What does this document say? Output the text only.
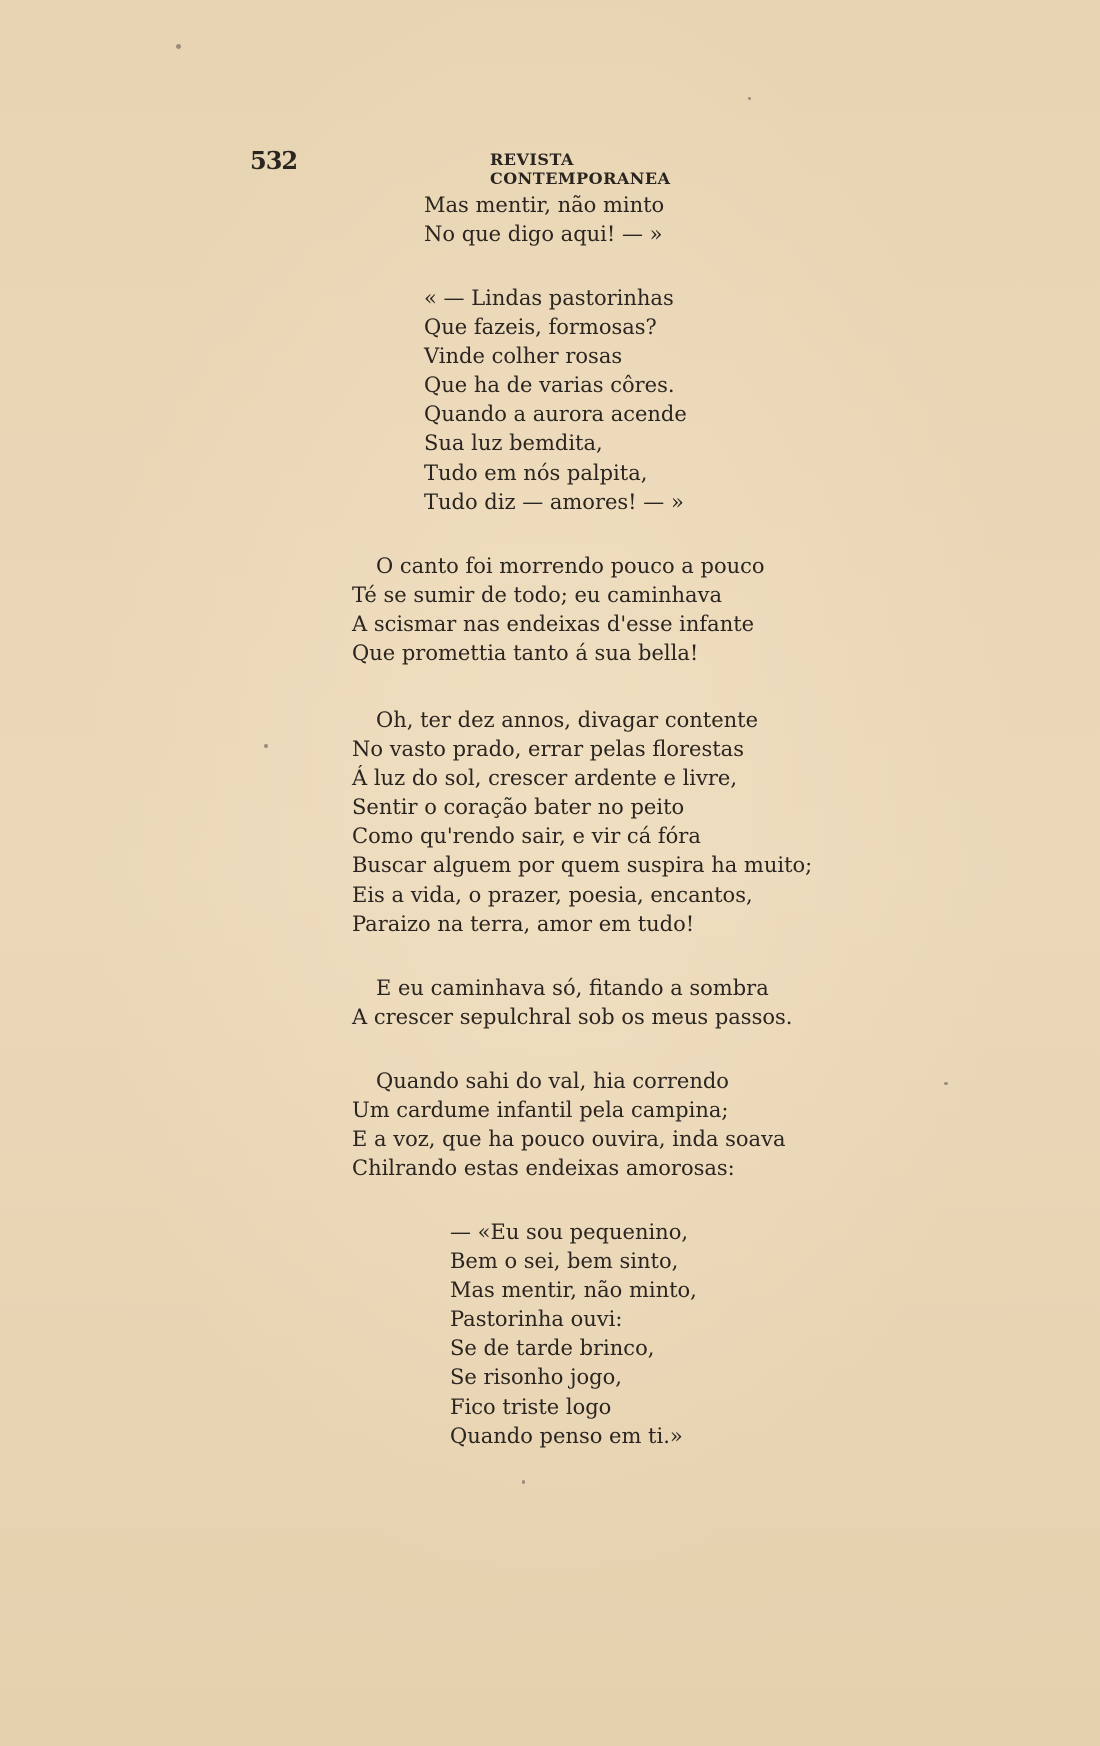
532	REVISTA CONTEMPORANEA
Mas mentir, não minto
No que digo aqui! — »
« — Lindas pastorinhas
Que fazeis, formosas?
Vinde colher rosas
Que ha de varias côres.
Quando a aurora acende
Sua luz bemdita,
Tudo em nós palpita,
Tudo diz — amores! — »
O canto foi morrendo pouco a pouco
Té se sumir de todo; eu caminhava
A scismar nas endeixas d'esse infante
Que promettia tanto á sua bella!
Oh, ter dez annos, divagar contente
No vasto prado, errar pelas florestas
Á luz do sol, crescer ardente e livre,
Sentir o coração bater no peito
Como qu'rendo sair, e vir cá fóra
Buscar alguem por quem suspira ha muito;
Eis a vida, o prazer, poesia, encantos,
Paraizo na terra, amor em tudo!
E eu caminhava só, fitando a sombra
A crescer sepulchral sob os meus passos.
Quando sahi do val, hia correndo
Um cardume infantil pela campina;
E a voz, que ha pouco ouvira, inda soava
Chilrando estas endeixas amorosas:
— «Eu sou pequenino,
Bem o sei, bem sinto,
Mas mentir, não minto,
Pastorinha ouvi:
Se de tarde brinco,
Se risonho jogo,
Fico triste logo
Quando penso em ti.»
